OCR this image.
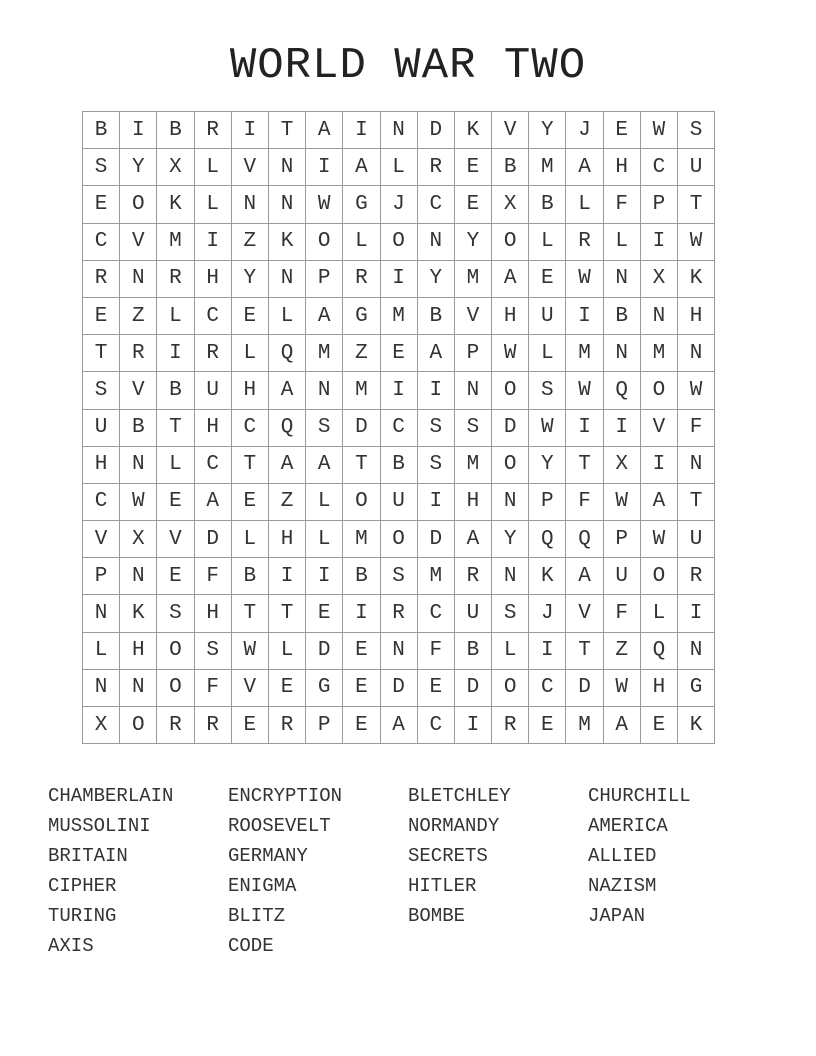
WORLD WAR TWO
B	I	B	R	I	T	A	I	N	D	K	V	Y	J	E	W	S
S	Y	X	L	V	N	I	A	L	R	E	B	M	A	H	C	U
E	O	K	L	N	N	W	G	J	C	E	X	B	L	F	P	T
C	V	M	I	Z	K	O	L	O	N	Y	O	L	R	L	I	W
R	N	R	H	Y	N	P	R	I	Y	M	A	E	W	N	X	K
E	Z	L	C	E	L	A	G	M	B	V	H	U	I	B	N	H
T	R	I	R	L	Q	M	Z	E	A	P	W	L	M	N	M	N
S	V	B	U	H	A	N	M	I	I	N	O	S	W	Q	O	W
U	B	T	H	C	Q	S	D	C	S	S	D	W	I	I	V	F
H	N	L	C	T	A	A	T	B	S	M	O	Y	T	X	I	N
C	W	E	A	E	Z	L	O	U	I	H	N	P	F	W	A	T
V	X	V	D	L	H	L	M	O	D	A	Y	Q	Q	P	W	U
P	N	E	F	B	I	I	B	S	M	R	N	K	A	U	O	R
N	K	S	H	T	T	E	I	R	C	U	S	J	V	F	L	I
L	H	O	S	W	L	D	E	N	F	B	L	I	T	Z	Q	N
N	N	O	F	V	E	G	E	D	E	D	O	C	D	W	H	G
X	O	R	R	E	R	P	E	A	C	I	R	E	M	A	E	K
CHAMBERLAIN	ENCRYPTION	BLETCHLEY	CHURCHILL
MUSSOLINI	ROOSEVELT	NORMANDY	AMERICA
BRITAIN	GERMANY	SECRETS	ALLIED
CIPHER	ENIGMA	HITLER	NAZISM
TURING	BLITZ	BOMBE	JAPAN
AXIS	CODE
